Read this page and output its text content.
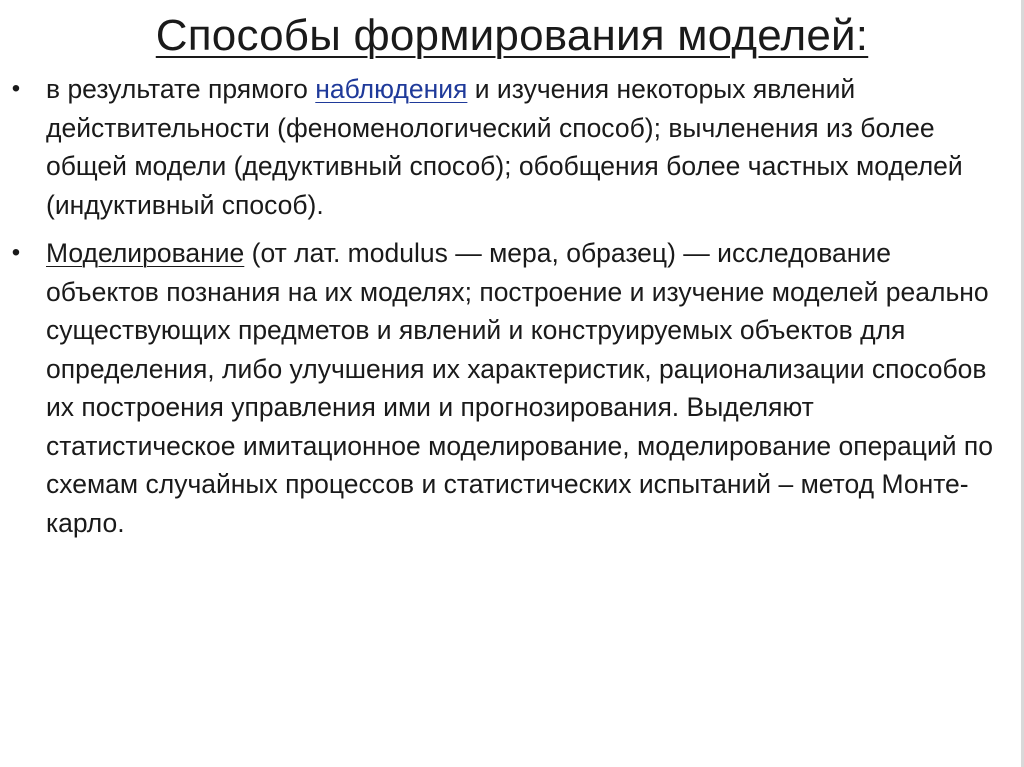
Способы формирования моделей:
• в результате прямого наблюдения и изучения некоторых явлений действительности (феноменологический способ); вычленения из более общей модели (дедуктивный способ); обобщения более частных моделей (индуктивный способ).
• Моделирование (от лат. modulus — мера, образец) — исследование объектов познания на их моделях; построение и изучение моделей реально существующих предметов и явлений и конструируемых объектов для определения, либо улучшения их характеристик, рационализации способов их построения управления ими и прогнозирования. Выделяют статистическое имитационное моделирование, моделирование операций по схемам случайных процессов и статистических испытаний – метод Монте-карло.
